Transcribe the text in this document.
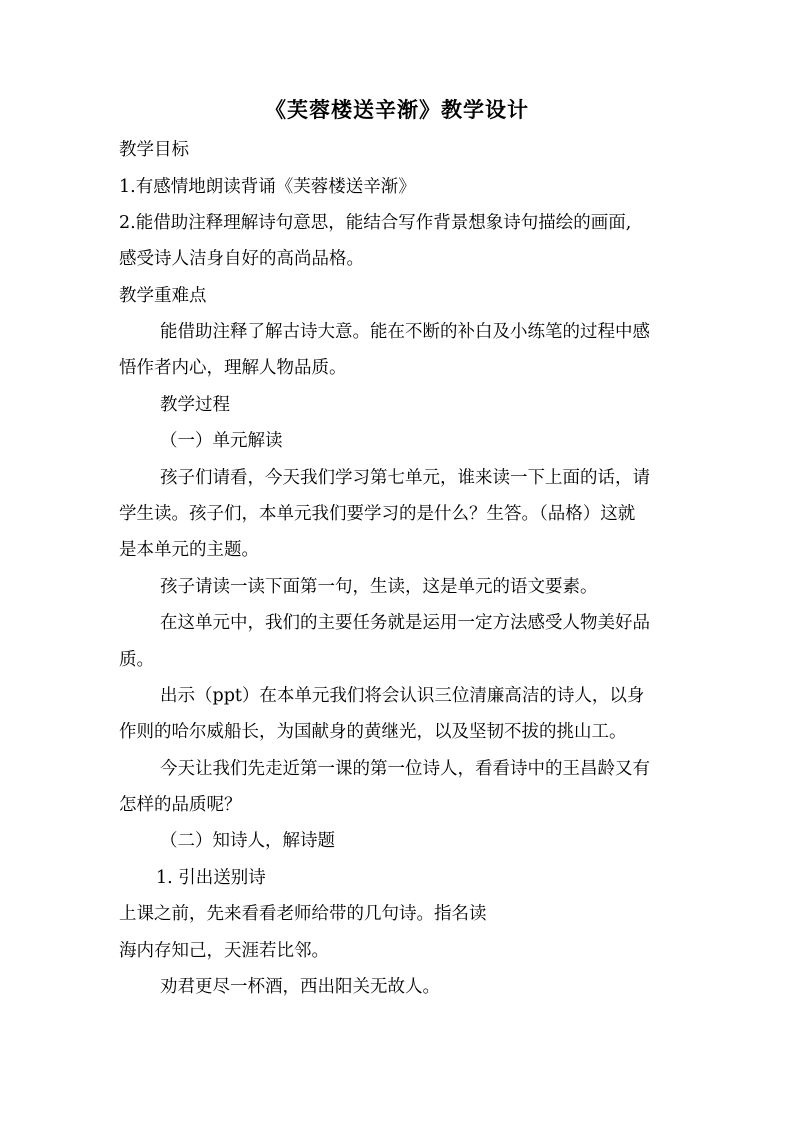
《芙蓉楼送辛渐》教学设计
教学目标
1.有感情地朗读背诵《芙蓉楼送辛渐》
2.能借助注释理解诗句意思，能结合写作背景想象诗句描绘的画面,
感受诗人洁身自好的高尚品格。
教学重难点
能借助注释了解古诗大意。能在不断的补白及小练笔的过程中感
悟作者内心，理解人物品质。
教学过程
（一）单元解读
孩子们请看，今天我们学习第七单元，谁来读一下上面的话，请
学生读。孩子们，本单元我们要学习的是什么？生答。（品格）这就
是本单元的主题。
孩子请读一读下面第一句，生读，这是单元的语文要素。
在这单元中，我们的主要任务就是运用一定方法感受人物美好品
质。
出示（ppt）在本单元我们将会认识三位清廉高洁的诗人，以身
作则的哈尔威船长，为国献身的黄继光，以及坚韧不拔的挑山工。
今天让我们先走近第一课的第一位诗人，看看诗中的王昌龄又有
怎样的品质呢？
（二）知诗人，解诗题
1. 引出送别诗
上课之前，先来看看老师给带的几句诗。指名读
海内存知己，天涯若比邻。
劝君更尽一杯酒，西出阳关无故人。
